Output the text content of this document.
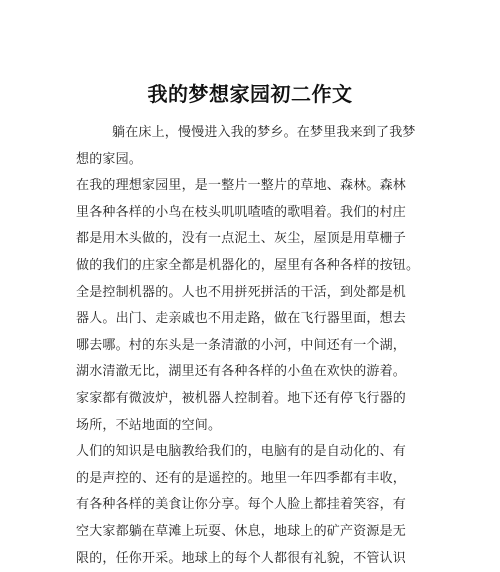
我的梦想家园初二作文
躺在床上，慢慢进入我的梦乡。在梦里我来到了我梦
想的家园。
在我的理想家园里，是一整片一整片的草地、森林。森林
里各种各样的小鸟在枝头叽叽喳喳的歌唱着。我们的村庄
都是用木头做的，没有一点泥土、灰尘，屋顶是用草栅子
做的我们的庄家全都是机器化的，屋里有各种各样的按钮。
全是控制机器的。人也不用拼死拼活的干活，到处都是机
器人。出门、走亲戚也不用走路，做在飞行器里面，想去
哪去哪。村的东头是一条清澈的小河，中间还有一个湖，
湖水清澈无比，湖里还有各种各样的小鱼在欢快的游着。
家家都有微波炉，被机器人控制着。地下还有停飞行器的
场所，不站地面的空间。
人们的知识是电脑教给我们的，电脑有的是自动化的、有
的是声控的、还有的是遥控的。地里一年四季都有丰收，
有各种各样的美食让你分享。每个人脸上都挂着笑容，有
空大家都躺在草滩上玩耍、休息，地球上的矿产资源是无
限的，任你开采。地球上的每个人都很有礼貌，不管认识
